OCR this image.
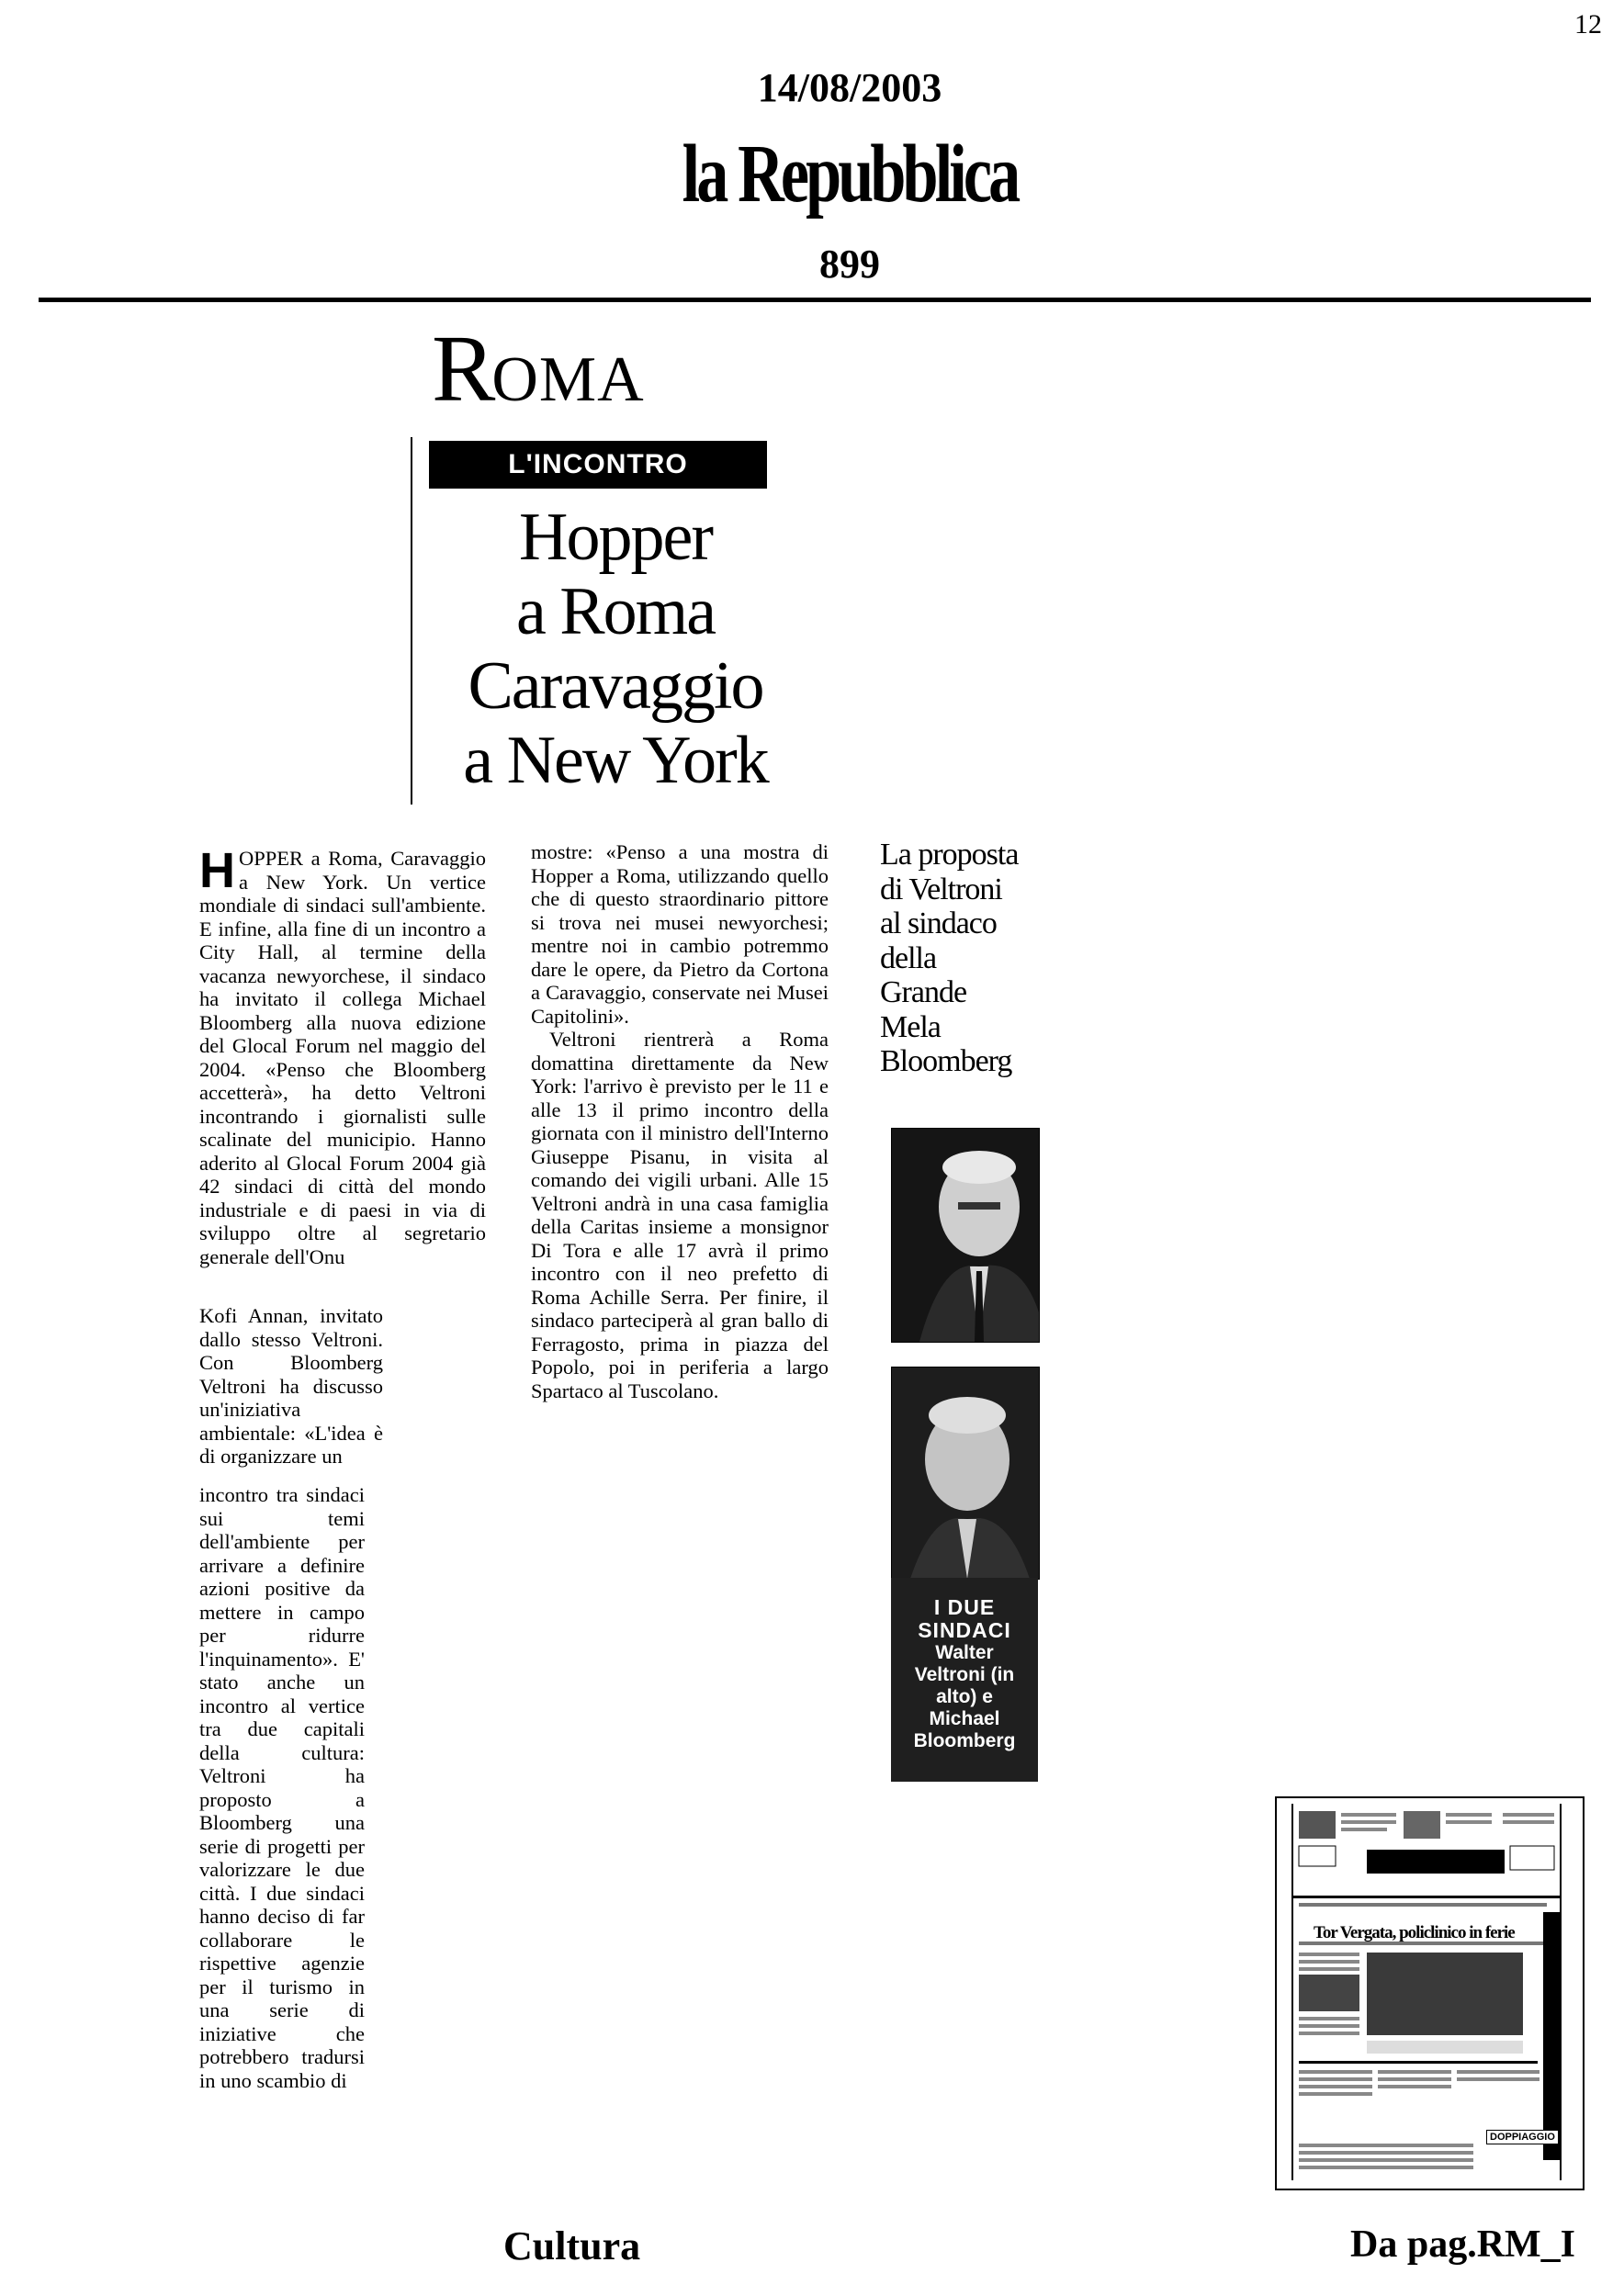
12
14/08/2003
la Repubblica
899
ROMA
L'INCONTRO
Hopper
a Roma
Caravaggio
a New York

HOPPER a Roma, Caravaggio a New York. Un vertice mondiale di sindaci sull'ambiente. E infine, alla fine di un incontro a City Hall, al termine della vacanza newyorchese, il sindaco ha invitato il collega Michael Bloomberg alla nuova edizione del Glocal Forum nel maggio del 2004. «Penso che Bloomberg accetterà», ha detto Veltroni incontrando i giornalisti sulle scalinate del municipio. Hanno aderito al Glocal Forum 2004 già 42 sindaci di città del mondo industriale e di paesi in via di sviluppo oltre al segretario generale dell'Onu

Kofi Annan, invitato dallo stesso Veltroni. Con Bloomberg Veltroni ha discusso un'iniziativa ambientale: «L'idea è di organizzare un

incontro tra sindaci sui temi dell'ambiente per arrivare a definire azioni positive da mettere in campo per ridurre l'inquinamento». E' stato anche un incontro al vertice tra due capitali della cultura: Veltroni ha proposto a Bloomberg una serie di progetti per valorizzare le due città. I due sindaci hanno deciso di far collaborare le rispettive agenzie per il turismo in una serie di iniziative che potrebbero tradursi in uno scambio di

mostre: «Penso a una mostra di Hopper a Roma, utilizzando quello che di questo straordinario pittore si trova nei musei newyorchesi; mentre noi in cambio potremmo dare le opere, da Pietro da Cortona a Caravaggio, conservate nei Musei Capitolini».

Veltroni rientrerà a Roma domattina direttamente da New York: l'arrivo è previsto per le 11 e alle 13 il primo incontro della giornata con il ministro dell'Interno Giuseppe Pisanu, in visita al comando dei vigili urbani. Alle 15 Veltroni andrà in una casa famiglia della Caritas insieme a monsignor Di Tora e alle 17 avrà il primo incontro con il neo prefetto di Roma Achille Serra. Per finire, il sindaco parteciperà al gran ballo di Ferragosto, prima in piazza del Popolo, poi in periferia a largo Spartaco al Tuscolano.

La proposta
di Veltroni
al sindaco
della
Grande
Mela
Bloomberg
I DUE
SINDACI
Walter
Veltroni (in
alto) e
Michael
Bloomberg
Tor Vergata, policlinico in ferie
DOPPIAGGIO
Cultura	Da pag.RM_I
